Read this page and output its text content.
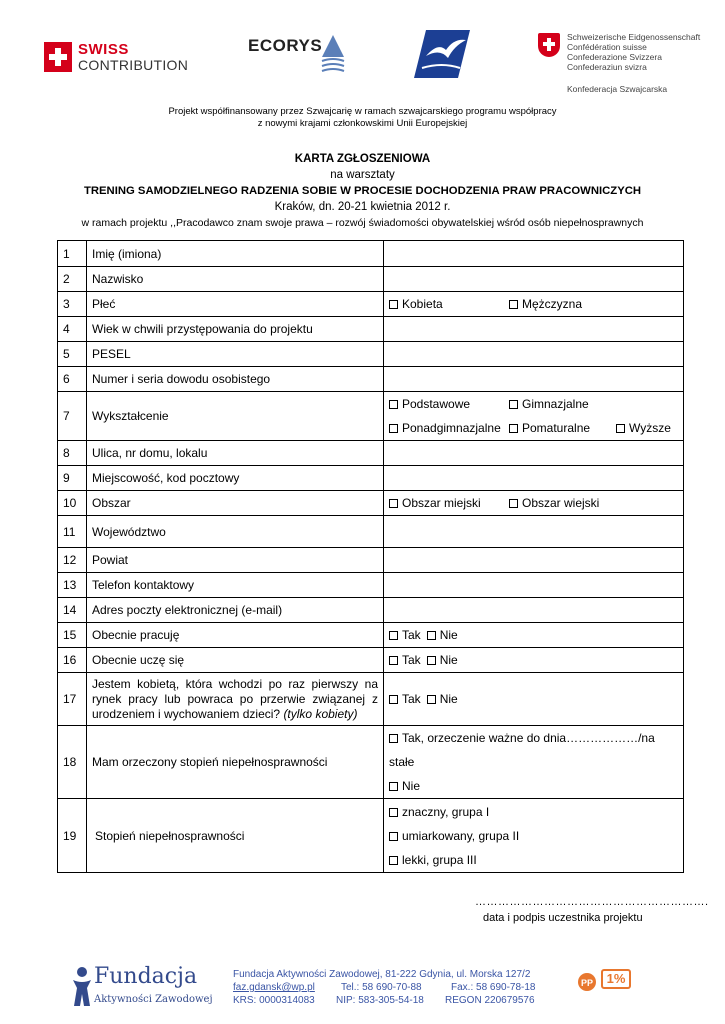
SWISS
CONTRIBUTION
ECORYS	Schweizerische Eidgenossenschaft
Confédération suisse
Confederazione Svizzera
Confederaziun svizra
Konfederacja Szwajcarska
Projekt współfinansowany przez Szwajcarię w ramach szwajcarskiego programu współpracy
z nowymi krajami członkowskimi Unii Europejskiej
KARTA ZGŁOSZENIOWA
na warsztaty
TRENING SAMODZIELNEGO RADZENIA SOBIE W PROCESIE DOCHODZENIA PRAW PRACOWNICZYCH
Kraków, dn. 20-21 kwietnia 2012 r.
w ramach projektu ,,Pracodawco znam swoje prawa – rozwój świadomości obywatelskiej wśród osób niepełnosprawnych
1	Imię (imiona)	
2	Nazwisko	
3	Płeć	Kobieta Mężczyzna
4	Wiek w chwili przystępowania do projektu	
5	PESEL	
6	Numer i seria dowodu osobistego	
7	Wykształcenie	Podstawowe Gimnazjalne
Ponadgimnazjalne Pomaturalne Wyższe

8	Ulica, nr domu, lokalu	
9	Miejscowość, kod pocztowy	
10	Obszar	Obszar miejski Obszar wiejski
11	Województwo	
12	Powiat	
13	Telefon kontaktowy	
14	Adres poczty elektronicznej (e-mail)	
15	Obecnie pracuję	Tak Nie
16	Obecnie uczę się	Tak Nie
17	Jestem kobietą, która wchodzi po raz pierwszy na rynek pracy lub powraca po przerwie związanej z urodzeniem i wychowaniem dzieci? (tylko kobiety)	Tak Nie
18	Mam orzeczony stopień niepełnosprawności	Tak, orzeczenie ważne do dnia………………/na stałe
Nie

19	Stopień niepełnosprawności	znaczny, grupa I
umiarkowany, grupa II
lekki, grupa III
…………………………………………………….
data i podpis uczestnika projektu
Fundacja
Aktywności Zawodowej
Fundacja Aktywności Zawodowej, 81-222 Gdynia, ul. Morska 127/2
faz.gdansk@wp.pl	Tel.: 58 690-70-88	Fax.: 58 690-78-18
KRS: 0000314083 NIP: 583-305-54-18 REGON 220679576
PP	1%
